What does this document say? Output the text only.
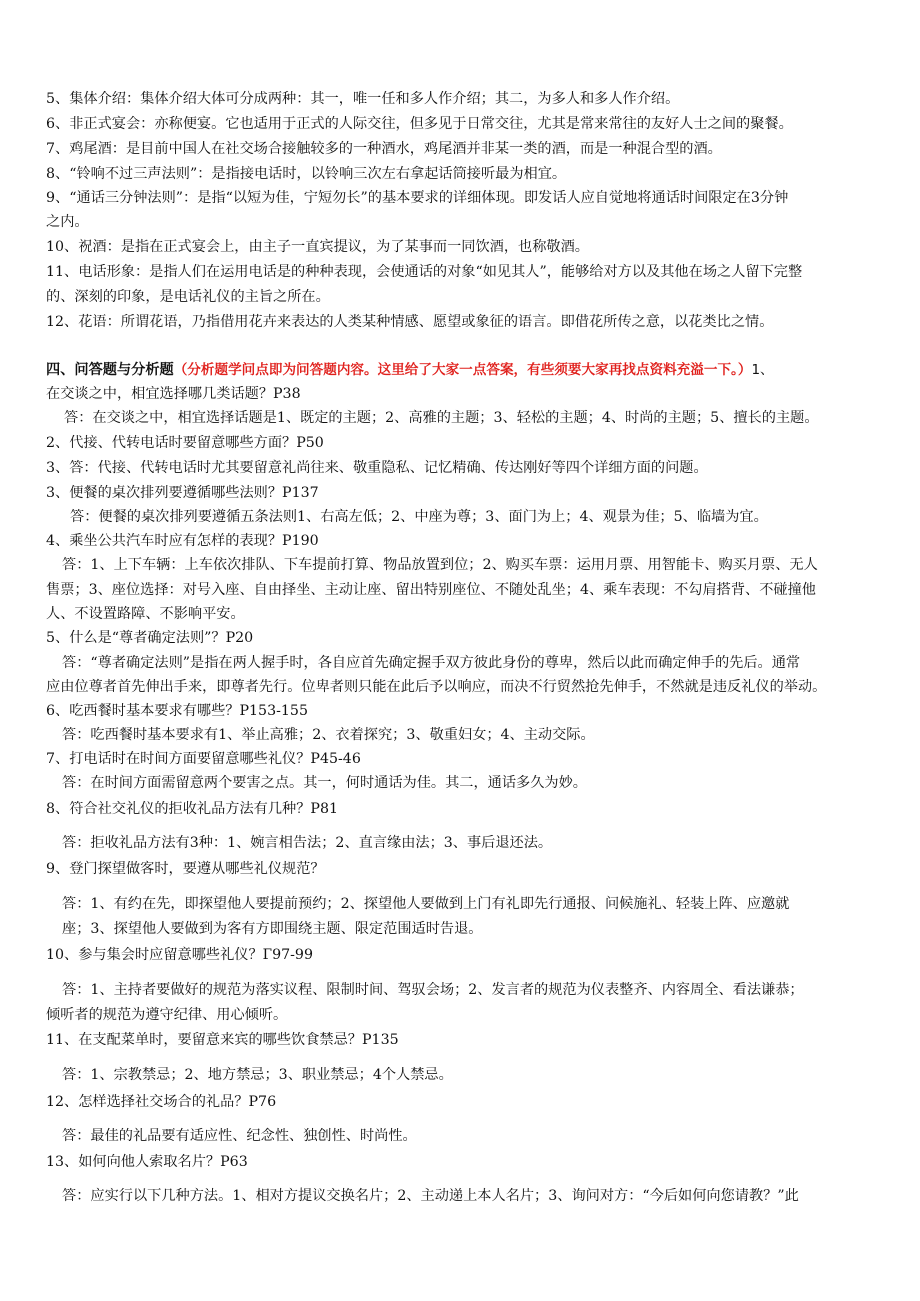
5、集体介绍：集体介绍大体可分成两种：其一，唯一任和多人作介绍；其二，为多人和多人作介绍。
6、非正式宴会：亦称便宴。它也适用于正式的人际交往，但多见于日常交往，尤其是常来常往的友好人士之间的聚餐。
7、鸡尾酒：是目前中国人在社交场合接触较多的一种酒水，鸡尾酒并非某一类的酒，而是一种混合型的酒。
8、“铃响不过三声法则”：是指接电话时，以铃响三次左右拿起话筒接听最为相宜。
9、“通话三分钟法则”：是指“以短为佳，宁短勿长”的基本要求的详细体现。即发话人应自觉地将通话时间限定在3分钟
之内。
10、祝酒：是指在正式宴会上，由主子一直宾提议，为了某事而一同饮酒，也称敬酒。
11、电话形象：是指人们在运用电话是的种种表现，会使通话的对象“如见其人”，能够给对方以及其他在场之人留下完整
的、深刻的印象，是电话礼仪的主旨之所在。
12、花语：所谓花语，乃指借用花卉来表达的人类某种情感、愿望或象征的语言。即借花所传之意，以花类比之情。
四、问答题与分析题（分析题学问点即为问答题内容。这里给了大家一点答案，有些须要大家再找点资料充溢一下。）1、
在交谈之中，相宜选择哪几类话题？P38
答：在交谈之中，相宜选择话题是1、既定的主题；2、高雅的主题；3、轻松的主题；4、时尚的主题；5、擅长的主题。
2、代接、代转电话时要留意哪些方面？P50
3、答：代接、代转电话时尤其要留意礼尚往来、敬重隐私、记忆精确、传达刚好等四个详细方面的问题。
3、便餐的桌次排列要遵循哪些法则？P137
答：便餐的桌次排列要遵循五条法则1、右高左低；2、中座为尊；3、面门为上；4、观景为佳；5、临墙为宜。
4、乘坐公共汽车时应有怎样的表现？P190
答：1、上下车辆：上车依次排队、下车提前打算、物品放置到位；2、购买车票：运用月票、用智能卡、购买月票、无人
售票；3、座位选择：对号入座、自由择坐、主动让座、留出特别座位、不随处乱坐；4、乘车表现：不勾肩搭背、不碰撞他
人、不设置路障、不影响平安。
5、什么是“尊者确定法则”？P20
答：“尊者确定法则”是指在两人握手时，各自应首先确定握手双方彼此身份的尊卑，然后以此而确定伸手的先后。通常
应由位尊者首先伸出手来，即尊者先行。位卑者则只能在此后予以响应，而决不行贸然抢先伸手，不然就是违反礼仪的举动。
6、吃西餐时基本要求有哪些？P153-155
答：吃西餐时基本要求有1、举止高雅；2、衣着探究；3、敬重妇女；4、主动交际。
7、打电话时在时间方面要留意哪些礼仪？P45-46
答：在时间方面需留意两个要害之点。其一，何时通话为佳。其二，通话多久为妙。
8、符合社交礼仪的拒收礼品方法有几种？P81
答：拒收礼品方法有3种：1、婉言相告法；2、直言缘由法；3、事后退还法。
9、登门探望做客时，要遵从哪些礼仪规范？
答：1、有约在先，即探望他人要提前预约；2、探望他人要做到上门有礼即先行通报、问候施礼、轻装上阵、应邀就
座；3、探望他人要做到为客有方即围绕主题、限定范围适时告退。
10、参与集会时应留意哪些礼仪？Г97-99
答：1、主持者要做好的规范为落实议程、限制时间、驾驭会场；2、发言者的规范为仪表整齐、内容周全、看法谦恭；
倾听者的规范为遵守纪律、用心倾听。
11、在支配菜单时，要留意来宾的哪些饮食禁忌？P135
答：1、宗教禁忌；2、地方禁忌；3、职业禁忌；4个人禁忌。
12、怎样选择社交场合的礼品？P76
答：最佳的礼品要有适应性、纪念性、独创性、时尚性。
13、如何向他人索取名片？P63
答：应实行以下几种方法。1、相对方提议交换名片；2、主动递上本人名片；3、询问对方：“今后如何向您请教？”此
